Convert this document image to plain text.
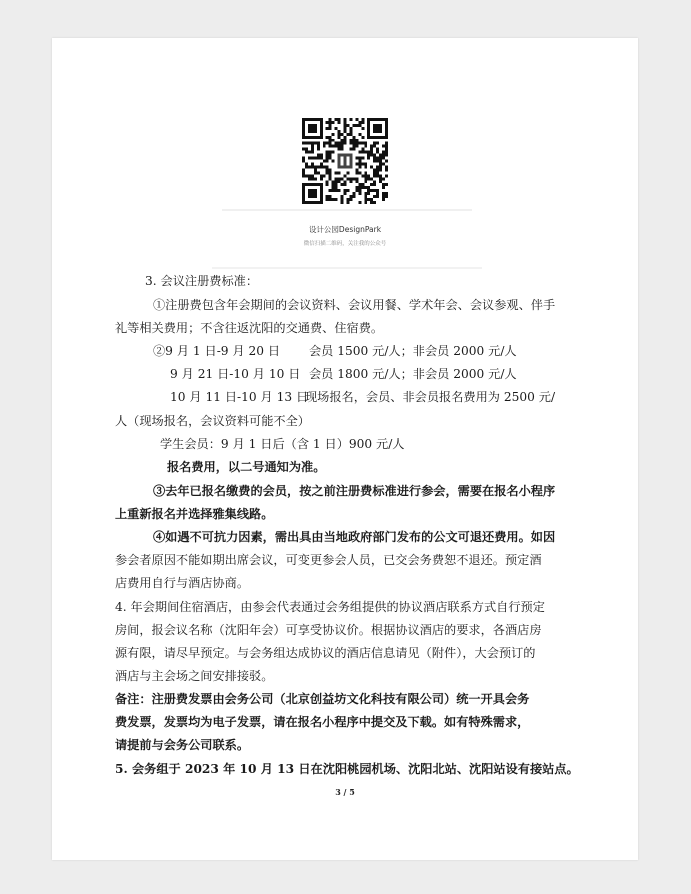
设计公园DesignPark
微信扫描二维码，关注我的公众号
3. 会议注册费标准：
①注册费包含年会期间的会议资料、会议用餐、学术年会、会议参观、伴手
礼等相关费用；不含往返沈阳的交通费、住宿费。
②9 月 1 日-9 月 20 日 会员 1500 元/人；非会员 2000 元/人
9 月 21 日-10 月 10 日 会员 1800 元/人；非会员 2000 元/人
10 月 11 日-10 月 13 日
现场报名，会员、非会员报名费用为 2500 元/
人（现场报名，会议资料可能不全）
学生会员：9 月 1 日后（含 1 日）900 元/人
报名费用，以二号通知为准。
③去年已报名缴费的会员，按之前注册费标准进行参会，需要在报名小程序
上重新报名并选择雅集线路。
④如遇不可抗力因素，需出具由当地政府部门发布的公文可退还费用。如因
参会者原因不能如期出席会议，可变更参会人员，已交会务费恕不退还。预定酒
店费用自行与酒店协商。
4. 年会期间住宿酒店，由参会代表通过会务组提供的协议酒店联系方式自行预定
房间，报会议名称（沈阳年会）可享受协议价。根据协议酒店的要求，各酒店房
源有限，请尽早预定。与会务组达成协议的酒店信息请见（附件），大会预订的
酒店与主会场之间安排接驳。
备注：注册费发票由会务公司（北京创益坊文化科技有限公司）统一开具会务
费发票，发票均为电子发票，请在报名小程序中提交及下载。如有特殊需求，
请提前与会务公司联系。
5. 会务组于 2023 年 10 月 13 日在沈阳桃园机场、沈阳北站、沈阳站设有接站点。
3 / 5
